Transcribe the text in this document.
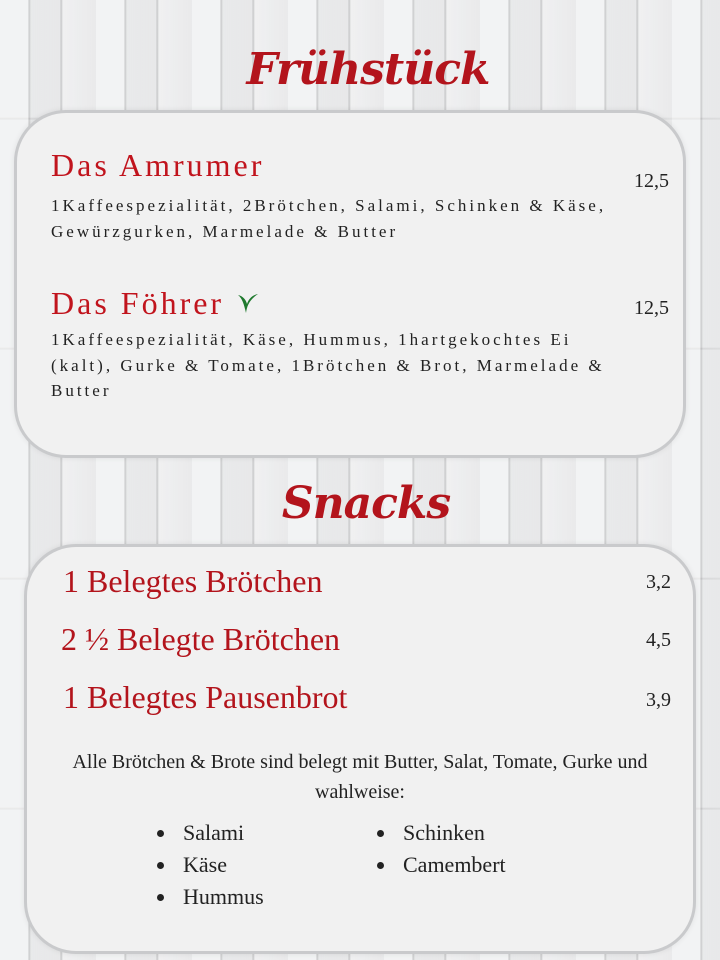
Frühstück
Das Amrumer	12,5

1Kaffeespezialität, 2Brötchen, Salami, Schinken & Käse, Gewürzgurken, Marmelade & Butter

Das Föhrer	12,5

1Kaffeespezialität, Käse, Hummus, 1hartgekochtes Ei (kalt), Gurke & Tomate, 1Brötchen & Brot, Marmelade & Butter

Snacks
1 Belegtes Brötchen	3,2
2 ½ Belegte Brötchen	4,5
1 Belegtes Pausenbrot	3,9

Alle Brötchen & Brote sind belegt mit Butter, Salat, Tomate, Gurke und wahlweise:

Salami
Käse
Hummus
Schinken
Camembert
